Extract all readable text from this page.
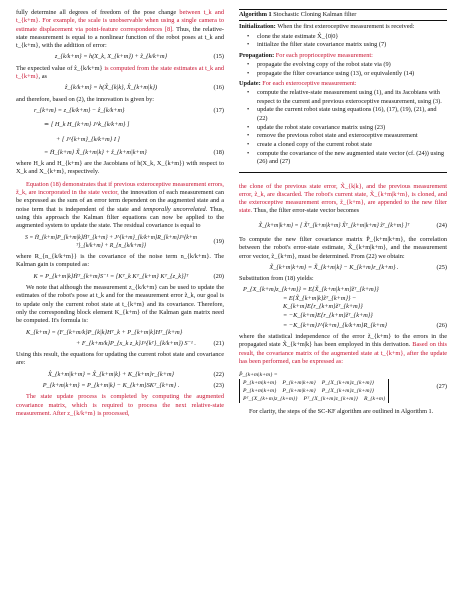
fully determine all degrees of freedom of the pose change between t_k and t_{k+m}. For example, the scale is unobservable when using a single camera to estimate displacement via point-feature correspondences [8]. Thus, the relative-state measurement is equal to a nonlinear function of the robot poses at t_k and t_{k+m}, with the addition of error:

z_{k/k+m} = h(X_k, X_{k+m}) + z̃_{k/k+m}	(15)

The expected value of ẑ_{k/k+m} is computed from the state estimates at t_k and t_{k+m}, as

ẑ_{k/k+m} = h(X̂_{k|k}, X̂_{k+m|k})	(16)

and therefore, based on (2), the innovation is given by:

r_{k+m} = z_{k/k+m} − ẑ_{k/k+m}	(17)
≃ [ H_k H_{k+m} J^k_{k/k+m} ]
+ [ J^{k+m}_{k/k+m} I ]
= H̄_{k+m} X̃_{k+m|k} + ž_{k+m|k+m}	(18)

where H_k and H_{k+m} are the Jacobians of h(X_k, X_{k+m}) with respect to X_k and X_{k+m}, respectively.

Equation (18) demonstrates that if previous exteroceptive measurement errors, z̃_k, are incorporated in the state vector, the innovation of each measurement can be expressed as the sum of an error term dependent on the augmented state and a noise term that is independent of the state and temporally uncorrelated. Thus, using this approach the Kalman filter equations can now be applied to the augmented system to update the state. The residual covariance is equal to

S = H̄_{k+m}P_{k+m|k}H̄ᵀ_{k+m} + J^{k+m}_{k/k+m}R_{k+m}J^{k+m ᵀ}_{k/k+m} + R_{n_{k/k+m}}
(19)

where R_{n_{k/k+m}} is the covariance of the noise term n_{k/k+m}. The Kalman gain is computed as:

K = P_{k+m|k}H̄ᵀ_{k+m}S⁻¹ = [Kᵀ_k Kᵀ_{k+m} Kᵀ_{z_k}]ᵀ	(20)

We note that although the measurement z_{k/k+m} can be used to update the estimates of the robot's pose at t_k and for the measurement error z̃_k, our goal is to update only the current robot state at t_{k+m} and its covariance. Therefore, only the corresponding block element K_{k+m} of the Kalman gain matrix need be computed. It's formula is:

K_{k+m} = (F_{k+m/k}P_{k|k}Hᵀ_k + P_{k+m|k}Hᵀ_{k+m}
+ F_{k+m/k}P_{x_k z_k}J^{kᵀ}_{k/k+m}) S⁻¹ .	(21)

Using this result, the equations for updating the current robot state and covariance are:

X̂_{k+m|k+m} = X̂_{k+m|k} + K_{k+m}r_{k+m}	(22)
P_{k+m|k+m} = P_{k+m|k} − K_{k+m}SKᵀ_{k+m} .	(23)

The state update process is completed by computing the augmented covariance matrix, which is required to process the next relative-state measurement. After z_{k/k+m} is processed,

Algorithm 1 Stochastic Cloning Kalman filter
Initialization: When the first exteroceptive measurement is received:
• clone the state estimate X̂_{0|0}
• initialize the filter state covariance matrix using (7)
Propagation: For each proprioceptive measurement:
• propagate the evolving copy of the robot state via (9)
• propagate the filter covariance using (13), or equivalently (14)
Update: For each exteroceptive measurement:
• compute the relative-state measurement using (1), and its Jacobians with respect to the current and previous exteroceptive measurement, using (3).
• update the current robot state using equations (16), (17), (19), (21), and (22)
• update the robot state covariance matrix using (23)
• remove the previous robot state and exteroceptive measurement
• create a cloned copy of the current robot state
• compute the covariance of the new augmented state vector (cf. (24)) using (26) and (27)

the clone of the previous state error, X̃_{k|k}, and the previous measurement error, z̃_k, are discarded. The robot's current state, X̃_{k+m|k+m}, is cloned, and the exteroceptive measurement errors, z̃_{k+m}, are appended to the new filter state. Thus, the filter error-state vector becomes

X̃_{k+m|k+m} = [ X̃ᵀ_{k+m|k+m} X̃ᵀ_{k+m|k+m} z̃ᵀ_{k+m} ]ᵀ	(24)

To compute the new filter covariance matrix P̆_{k+m|k+m}, the correlation between the robot's error-state estimate, X̃_{k+m|k+m}, and the measurement error vector, z̃_{k+m}, must be determined. From (22) we obtain:

X̃_{k+m|k+m} = X̃_{k+m|k} − K_{k+m}r_{k+m} .	(25)

Substitution from (18) yields:

P_{X_{k+m}z_{k+m}} = E{X̃_{k+m|k+m}z̃ᵀ_{k+m}}
= E{X̃_{k+m|k}z̃ᵀ_{k+m}} − K_{k+m}E{r_{k+m}z̃ᵀ_{k+m}}
= −K_{k+m}E{r_{k+m}z̃ᵀ_{k+m}}
= −K_{k+m}J^{k+m}_{k/k+m}R_{k+m}	(26)

where the statistical independence of the error z̃_{k+m} to the errors in the propagated state X̃_{k+m|k} has been employed in this derivation. Based on this result, the covariance matrix of the augmented state at t_{k+m}, after the update has been performed, can be expressed as:

P̆_{k+m|k+m} =
P_{k+m|k+m} P_{k+m|k+m} P_{X_{k+m}z_{k+m}}
P_{k+m|k+m} P_{k+m|k+m} P_{X_{k+m}z_{k+m}}
Pᵀ_{X_{k+m}z_{k+m}} Pᵀ_{X_{k+m}z_{k+m}} R_{k+m}
(27)

For clarity, the steps of the SC-KF algorithm are outlined in Algorithm 1.
